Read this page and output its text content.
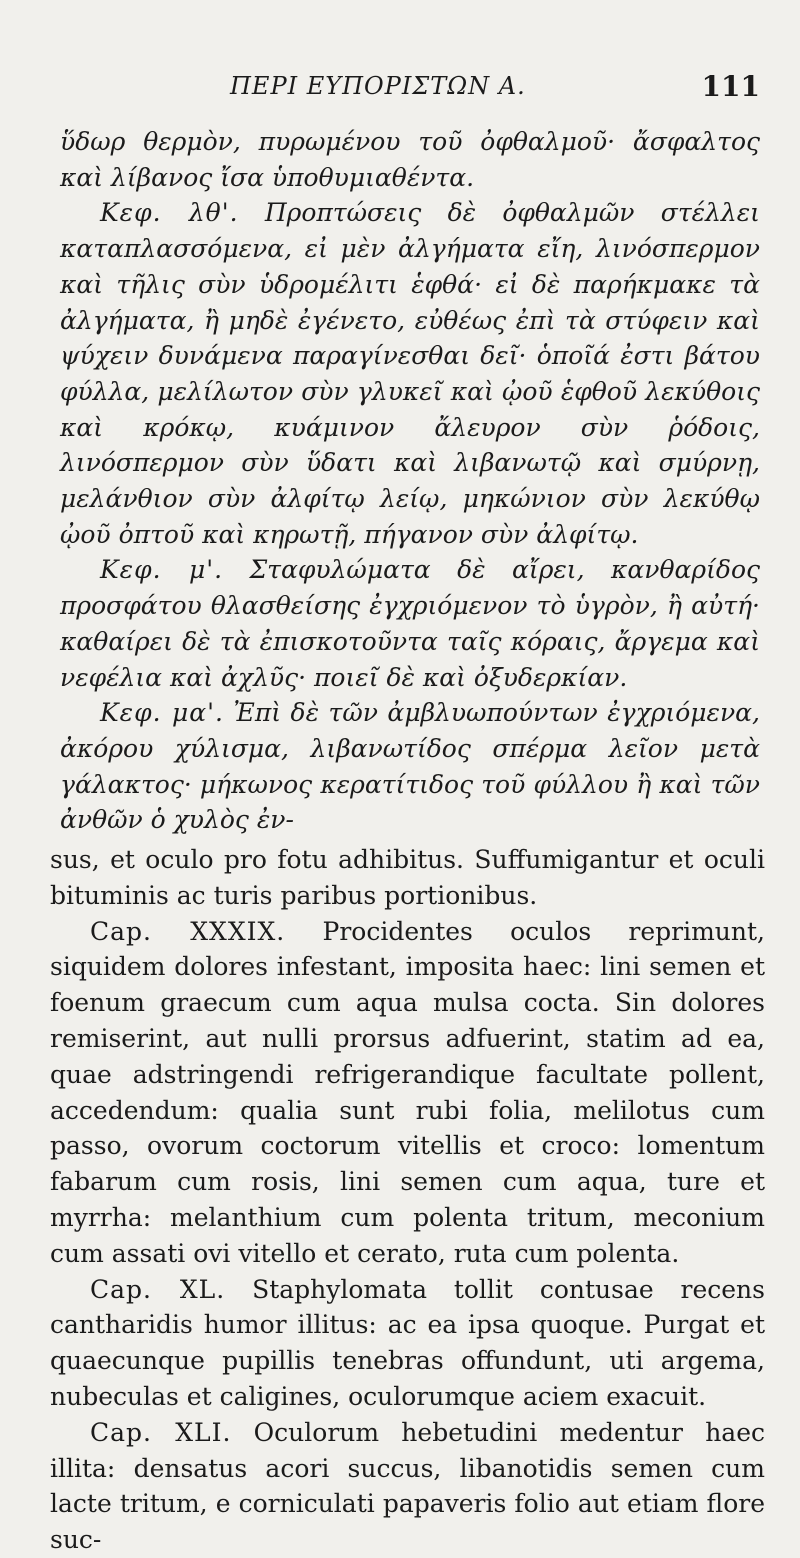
ΠΕΡΙ ΕΥΠΟΡΙΣΤΩΝ Α.	111

ὕδωρ θερμὸν, πυρωμένου τοῦ ὀφθαλμοῦ· ἄσφαλτος καὶ λίβανος ἴσα ὑποθυμιαθέντα.

Κεφ. λθ'. Προπτώσεις δὲ ὀφθαλμῶν στέλλει καταπλασσόμενα, εἰ μὲν ἀλγήματα εἴη, λινόσπερμον καὶ τῆλις σὺν ὑδρομέλιτι ἑφθά· εἰ δὲ παρήκμακε τὰ ἀλγήματα, ἢ μηδὲ ἐγένετο, εὐθέως ἐπὶ τὰ στύφειν καὶ ψύχειν δυνάμενα παραγίνεσθαι δεῖ· ὁποῖά ἐστι βάτου φύλλα, μελίλωτον σὺν γλυκεῖ καὶ ᾠοῦ ἑφθοῦ λεκύθοις καὶ κρόκῳ, κυάμινον ἄλευρον σὺν ῥόδοις, λινόσπερμον σὺν ὕδατι καὶ λιβανωτῷ καὶ σμύρνῃ, μελάνθιον σὺν ἀλφίτῳ λείῳ, μηκώνιον σὺν λεκύθῳ ᾠοῦ ὀπτοῦ καὶ κηρωτῇ, πήγανον σὺν ἀλφίτῳ.

Κεφ. μ'. Σταφυλώματα δὲ αἴρει, κανθαρίδος προσφάτου θλασθείσης ἐγχριόμενον τὸ ὑγρὸν, ἢ αὐτή· καθαίρει δὲ τὰ ἐπισκοτοῦντα ταῖς κόραις, ἄργεμα καὶ νεφέλια καὶ ἀχλῦς· ποιεῖ δὲ καὶ ὀξυδερκίαν.

Κεφ. μα'. Ἐπὶ δὲ τῶν ἀμβλυωπούντων ἐγχριόμενα, ἀκόρου χύλισμα, λιβανωτίδος σπέρμα λεῖον μετὰ γάλακτος· μήκωνος κερατίτιδος τοῦ φύλλου ἢ καὶ τῶν ἀνθῶν ὁ χυλὸς ἐν-

sus, et oculo pro fotu adhibitus. Suffumigantur et oculi bituminis ac turis paribus portionibus.

Cap. XXXIX. Procidentes oculos reprimunt, siquidem dolores infestant, imposita haec: lini semen et foenum graecum cum aqua mulsa cocta. Sin dolores remiserint, aut nulli prorsus adfuerint, statim ad ea, quae adstringendi refrigerandique facultate pollent, accedendum: qualia sunt rubi folia, melilotus cum passo, ovorum coctorum vitellis et croco: lomentum fabarum cum rosis, lini semen cum aqua, ture et myrrha: melanthium cum polenta tritum, meconium cum assati ovi vitello et cerato, ruta cum polenta.

Cap. XL. Staphylomata tollit contusae recens cantharidis humor illitus: ac ea ipsa quoque. Purgat et quaecunque pupillis tenebras offundunt, uti argema, nubeculas et caligines, oculorumque aciem exacuit.

Cap. XLI. Oculorum hebetudini medentur haec illita: densatus acori succus, libanotidis semen cum lacte tritum, e corniculati papaveris folio aut etiam flore suc-
